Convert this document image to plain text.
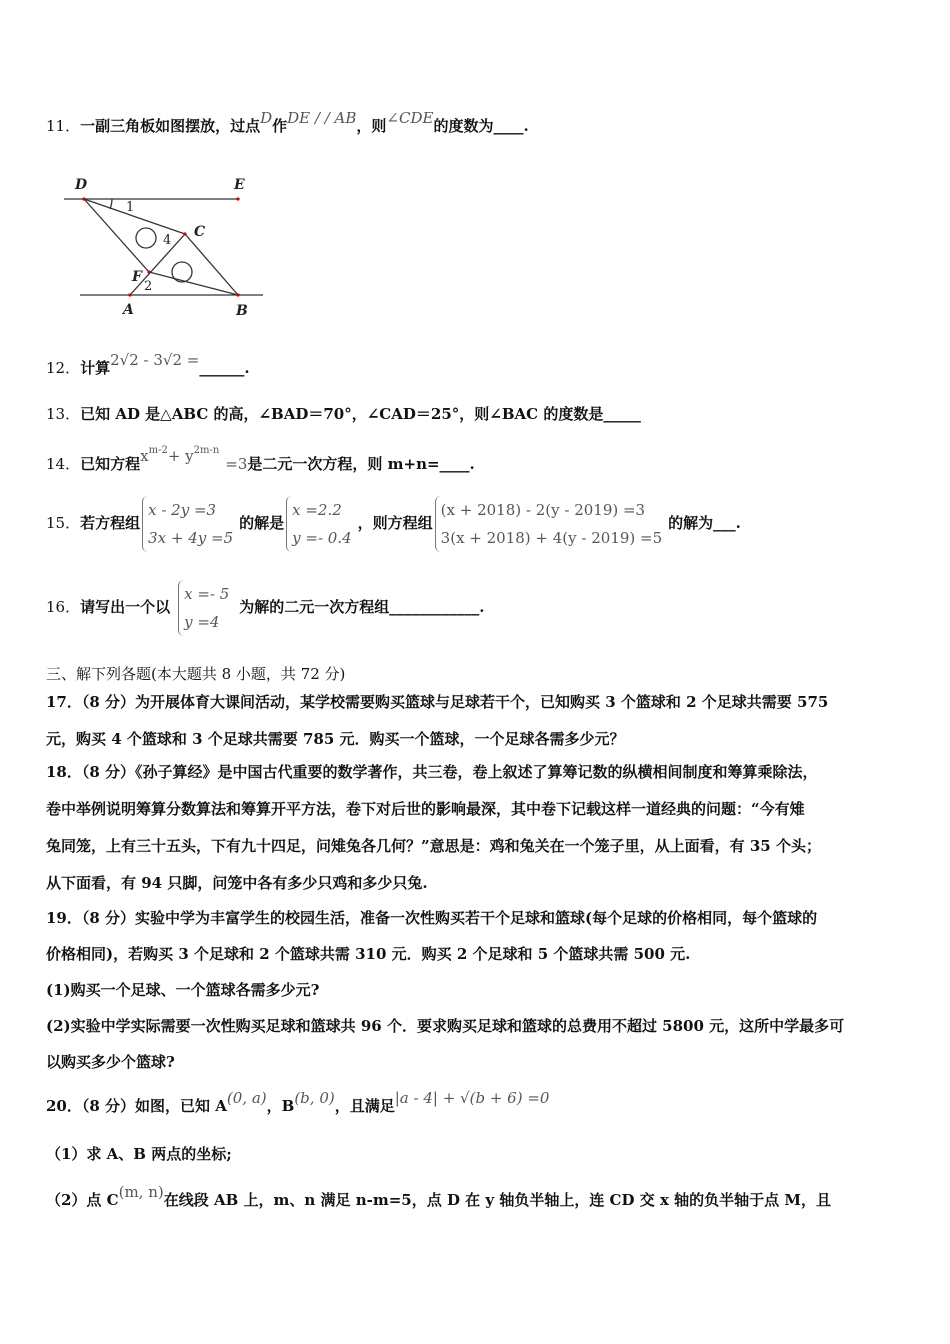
11．一副三角板如图摆放，过点D作DE / / AB，则∠CDE的度数为____.
D	E
C
F
A	B
1
2
4
12．计算2√2 - 3√2 =______.
13．已知 AD 是△ABC 的高，∠BAD＝70°，∠CAD＝25°，则∠BAC 的度数是_____
14．已知方程$x^{m-2}+ y^{2m-n}=3$是二元一次方程，则 m+n=____.
15．若方程组
x - 2y =3
3x + 4y =5
的解是
x =2.2
y =- 0.4
，则方程组
(x + 2018) - 2(y - 2019) =3
3(x + 2018) + 4(y - 2019) =5
的解为___.
16．请写出一个以
x =- 5
y =4
为解的二元一次方程组____________.
三、解下列各题(本大题共 8 小题，共 72 分)
17．（8 分）为开展体育大课间活动，某学校需要购买篮球与足球若干个，已知购买 3 个篮球和 2 个足球共需要 575
元，购买 4 个篮球和 3 个足球共需要 785 元．购买一个篮球，一个足球各需多少元？
18．（8 分）《孙子算经》是中国古代重要的数学著作，共三卷，卷上叙述了算筹记数的纵横相间制度和筹算乘除法，
卷中举例说明筹算分数算法和筹算开平方法，卷下对后世的影响最深，其中卷下记载这样一道经典的问题：“今有雉
兔同笼，上有三十五头，下有九十四足，问雉兔各几何？”意思是：鸡和兔关在一个笼子里，从上面看，有 35 个头；
从下面看，有 94 只脚，问笼中各有多少只鸡和多少只兔.
19．（8 分）实验中学为丰富学生的校园生活，准备一次性购买若干个足球和篮球(每个足球的价格相同，每个篮球的
价格相同)，若购买 3 个足球和 2 个篮球共需 310 元．购买 2 个足球和 5 个篮球共需 500 元.
(1)购买一个足球、一个篮球各需多少元?
(2)实验中学实际需要一次性购买足球和篮球共 96 个．要求购买足球和篮球的总费用不超过 5800 元，这所中学最多可
以购买多少个篮球?
20．（8 分）如图，已知 A(0, a)，B(b, 0)，且满足|a - 4| + √(b + 6) =0
（1）求 A、B 两点的坐标;
（2）点 C(m, n)在线段 AB 上，m、n 满足 n-m=5，点 D 在 y 轴负半轴上，连 CD 交 x 轴的负半轴于点 M，且
